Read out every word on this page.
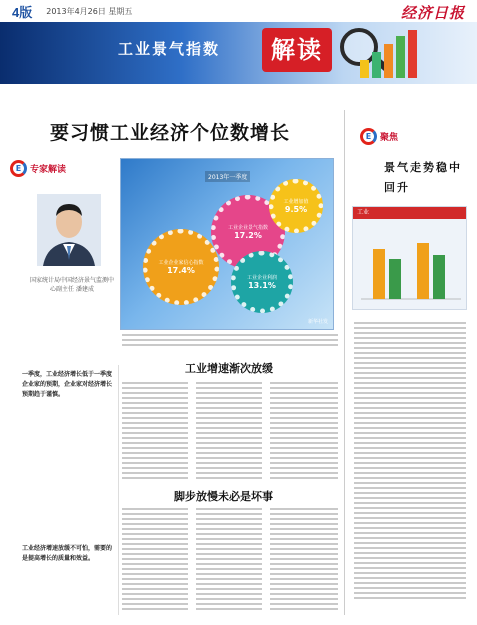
4版 2013年4月26日 星期五	经济日报
工业景气指数	解读
要习惯工业经济个位数增长
E 专家解读
国家统计局中国经济景气监测中心副主任 潘建成
2013年一季度
工业企业家信心指数
17.4%
工业企业景气指数
17.2%
工业增加值
9.5%
工业企业利润
13.1%
新华社发
工业增速渐次放缓
脚步放慢未必是坏事
一季度，工业经济增长低于一季度企业家的预期，企业家对经济增长预期趋于谨慎。
工业经济增速放缓不可怕，需要的是提高增长的质量和效益。
E 聚焦
景气走势稳中回升
工业
